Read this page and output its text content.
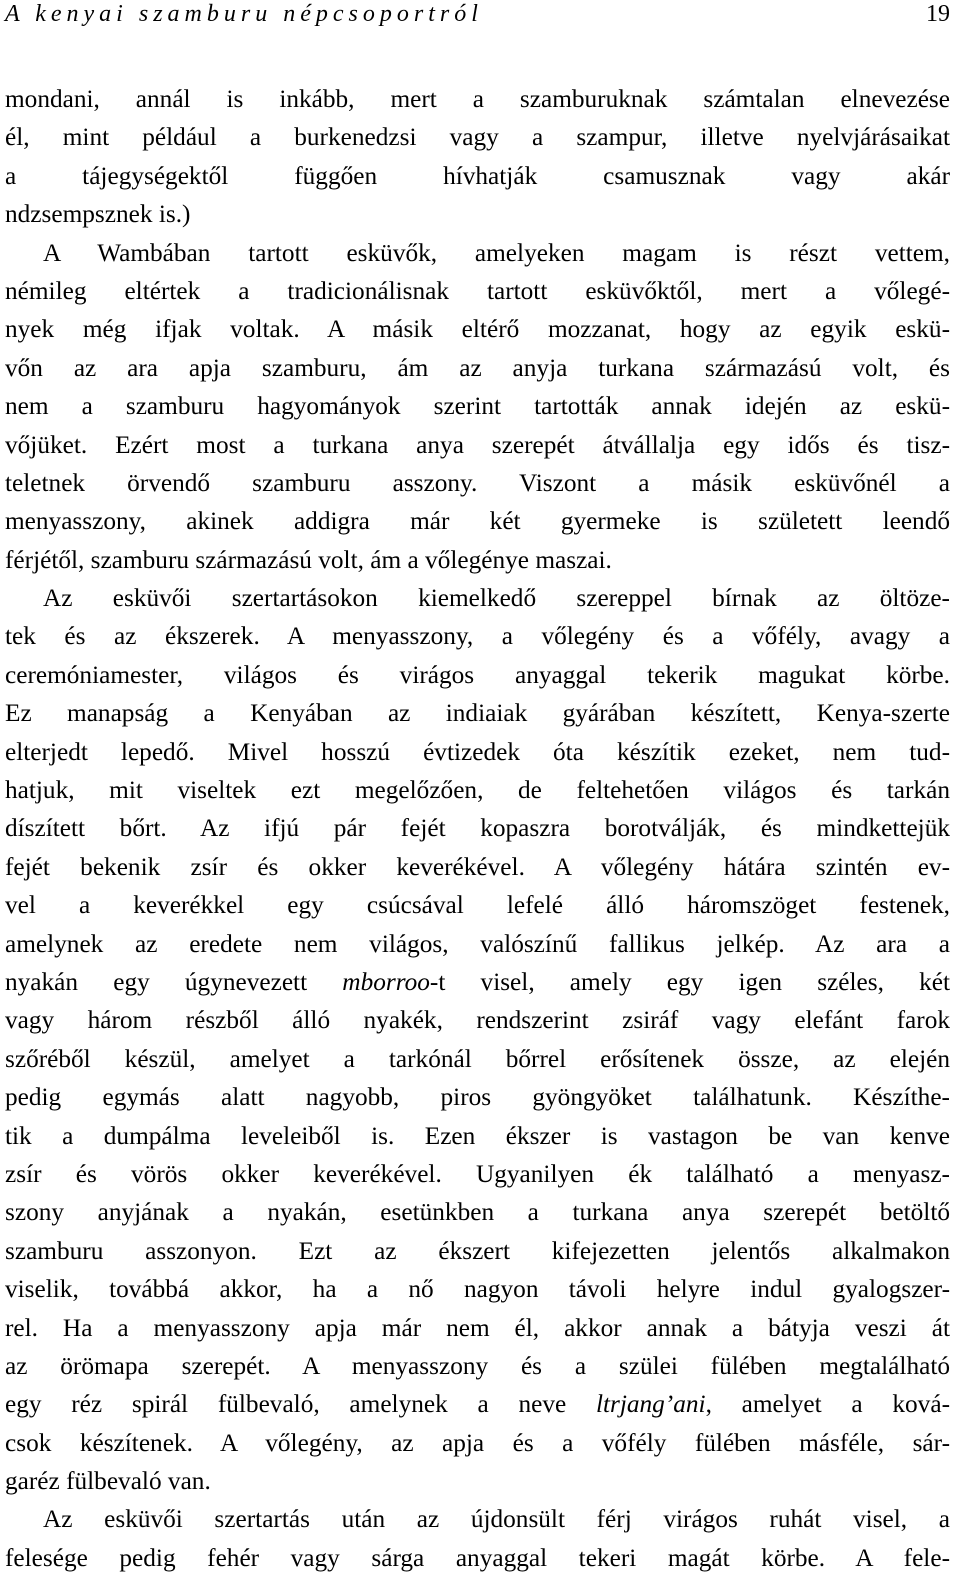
A kenyai szamburu népcsoportról	19
mondani, annál is inkább, mert a szamburuknak számtalan elnevezése
él, mint például a burkenedzsi vagy a szampur, illetve nyelvjárásaikat
a tájegységektől függően hívhatják csamusznak vagy akár
ndzsempsznek is.)
A Wambában tartott esküvők, amelyeken magam is részt vettem,
némileg eltértek a tradicionálisnak tartott esküvőktől, mert a vőlegé-
nyek még ifjak voltak. A másik eltérő mozzanat, hogy az egyik eskü-
vőn az ara apja szamburu, ám az anyja turkana származású volt, és
nem a szamburu hagyományok szerint tartották annak idején az eskü-
vőjüket. Ezért most a turkana anya szerepét átvállalja egy idős és tisz-
teletnek örvendő szamburu asszony. Viszont a másik esküvőnél a
menyasszony, akinek addigra már két gyermeke is született leendő
férjétől, szamburu származású volt, ám a vőlegénye maszai.
Az esküvői szertartásokon kiemelkedő szereppel bírnak az öltöze-
tek és az ékszerek. A menyasszony, a vőlegény és a vőfély, avagy a
ceremóniamester, világos és virágos anyaggal tekerik magukat körbe.
Ez manapság a Kenyában az indiaiak gyárában készített, Kenya-szerte
elterjedt lepedő. Mivel hosszú évtizedek óta készítik ezeket, nem tud-
hatjuk, mit viseltek ezt megelőzően, de feltehetően világos és tarkán
díszített bőrt. Az ifjú pár fejét kopaszra borotválják, és mindkettejük
fejét bekenik zsír és okker keverékével. A vőlegény hátára szintén ev-
vel a keverékkel egy csúcsával lefelé álló háromszöget festenek,
amelynek az eredete nem világos, valószínű fallikus jelkép. Az ara a
nyakán egy úgynevezett mborroo-t visel, amely egy igen széles, két
vagy három részből álló nyakék, rendszerint zsiráf vagy elefánt farok
szőréből készül, amelyet a tarkónál bőrrel erősítenek össze, az elején
pedig egymás alatt nagyobb, piros gyöngyöket találhatunk. Készíthe-
tik a dumpálma leveleiből is. Ezen ékszer is vastagon be van kenve
zsír és vörös okker keverékével. Ugyanilyen ék található a menyasz-
szony anyjának a nyakán, esetünkben a turkana anya szerepét betöltő
szamburu asszonyon. Ezt az ékszert kifejezetten jelentős alkalmakon
viselik, továbbá akkor, ha a nő nagyon távoli helyre indul gyalogszer-
rel. Ha a menyasszony apja már nem él, akkor annak a bátyja veszi át
az örömapa szerepét. A menyasszony és a szülei fülében megtalálható
egy réz spirál fülbevaló, amelynek a neve ltrjang’ani, amelyet a ková-
csok készítenek. A vőlegény, az apja és a vőfély fülében másféle, sár-
garéz fülbevaló van.
Az esküvői szertartás után az újdonsült férj virágos ruhát visel, a
felesége pedig fehér vagy sárga anyaggal tekeri magát körbe. A fele-
